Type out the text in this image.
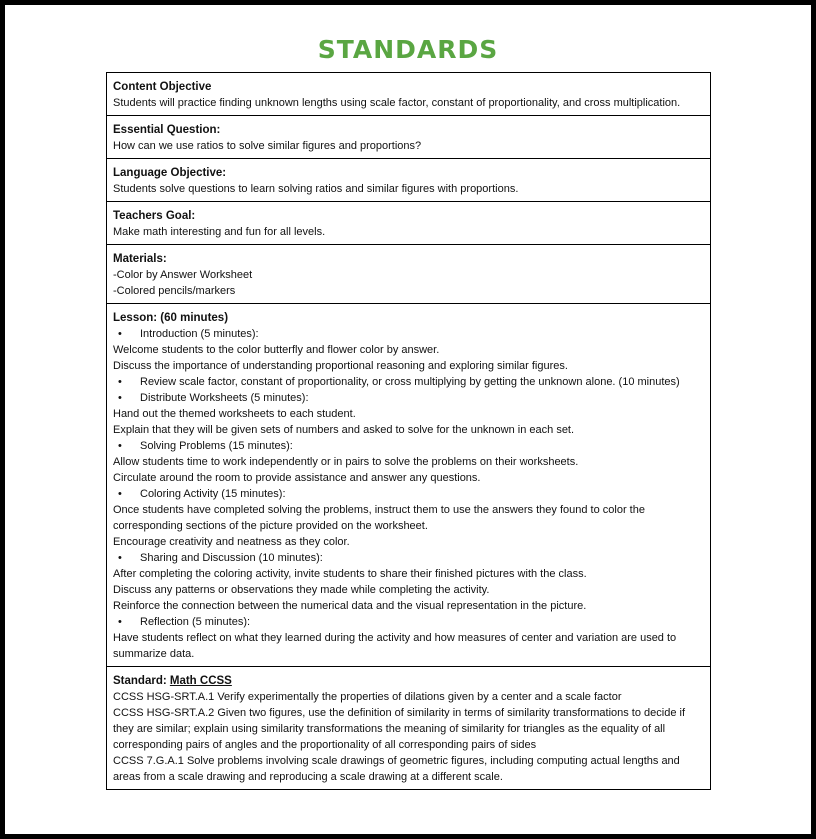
STANDARDS
Content Objective
Students will practice finding unknown lengths using scale factor, constant of proportionality, and cross multiplication.
Essential Question:
How can we use ratios to solve similar figures and proportions?
Language Objective:
Students solve questions to learn solving ratios and similar figures with proportions.
Teachers Goal:
Make math interesting and fun for all levels.
Materials:
-Color by Answer Worksheet
-Colored pencils/markers
Lesson: (60 minutes)
• Introduction (5 minutes):
Welcome students to the color butterfly and flower color by answer.
Discuss the importance of understanding proportional reasoning and exploring similar figures.
• Review scale factor, constant of proportionality, or cross multiplying by getting the unknown alone. (10 minutes)
• Distribute Worksheets (5 minutes):
Hand out the themed worksheets to each student.
Explain that they will be given sets of numbers and asked to solve for the unknown in each set.
• Solving Problems (15 minutes):
Allow students time to work independently or in pairs to solve the problems on their worksheets.
Circulate around the room to provide assistance and answer any questions.
• Coloring Activity (15 minutes):
Once students have completed solving the problems, instruct them to use the answers they found to color the corresponding sections of the picture provided on the worksheet.
Encourage creativity and neatness as they color.
• Sharing and Discussion (10 minutes):
After completing the coloring activity, invite students to share their finished pictures with the class.
Discuss any patterns or observations they made while completing the activity.
Reinforce the connection between the numerical data and the visual representation in the picture.
• Reflection (5 minutes):
Have students reflect on what they learned during the activity and how measures of center and variation are used to summarize data.
Standard: Math CCSS
CCSS HSG-SRT.A.1 Verify experimentally the properties of dilations given by a center and a scale factor
CCSS HSG-SRT.A.2 Given two figures, use the definition of similarity in terms of similarity transformations to decide if they are similar; explain using similarity transformations the meaning of similarity for triangles as the equality of all corresponding pairs of angles and the proportionality of all corresponding pairs of sides
CCSS 7.G.A.1 Solve problems involving scale drawings of geometric figures, including computing actual lengths and areas from a scale drawing and reproducing a scale drawing at a different scale.
